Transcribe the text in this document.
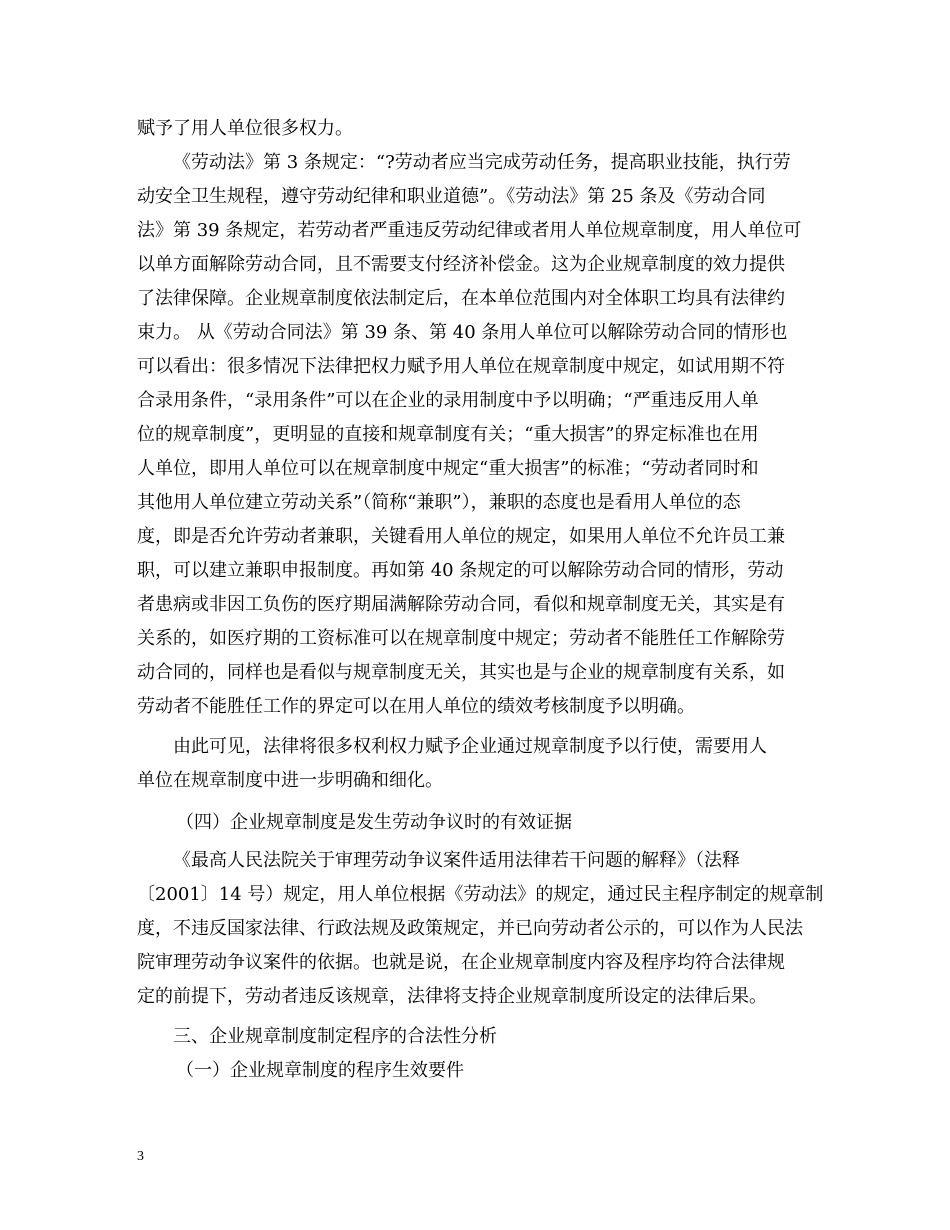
赋予了用人单位很多权力。
《劳动法》第 3 条规定：“?劳动者应当完成劳动任务，提高职业技能，执行劳
动安全卫生规程，遵守劳动纪律和职业道德”。《劳动法》第 25 条及《劳动合同
法》第 39 条规定，若劳动者严重违反劳动纪律或者用人单位规章制度，用人单位可
以单方面解除劳动合同，且不需要支付经济补偿金。这为企业规章制度的效力提供
了法律保障。企业规章制度依法制定后，在本单位范围内对全体职工均具有法律约
束力。 从《劳动合同法》第 39 条、第 40 条用人单位可以解除劳动合同的情形也
可以看出：很多情况下法律把权力赋予用人单位在规章制度中规定，如试用期不符
合录用条件，“录用条件”可以在企业的录用制度中予以明确；“严重违反用人单
位的规章制度”，更明显的直接和规章制度有关；“重大损害”的界定标准也在用
人单位，即用人单位可以在规章制度中规定“重大损害”的标准；“劳动者同时和
其他用人单位建立劳动关系”（简称“兼职”），兼职的态度也是看用人单位的态
度，即是否允许劳动者兼职，关键看用人单位的规定，如果用人单位不允许员工兼
职，可以建立兼职申报制度。再如第 40 条规定的可以解除劳动合同的情形，劳动
者患病或非因工负伤的医疗期届满解除劳动合同，看似和规章制度无关，其实是有
关系的，如医疗期的工资标准可以在规章制度中规定；劳动者不能胜任工作解除劳
动合同的，同样也是看似与规章制度无关，其实也是与企业的规章制度有关系，如
劳动者不能胜任工作的界定可以在用人单位的绩效考核制度予以明确。
由此可见，法律将很多权利权力赋予企业通过规章制度予以行使，需要用人
单位在规章制度中进一步明确和细化。
（四）企业规章制度是发生劳动争议时的有效证据
《最高人民法院关于审理劳动争议案件适用法律若干问题的解释》（法释
〔2001〕14 号）规定，用人单位根据《劳动法》的规定，通过民主程序制定的规章制
度，不违反国家法律、行政法规及政策规定，并已向劳动者公示的，可以作为人民法
院审理劳动争议案件的依据。也就是说，在企业规章制度内容及程序均符合法律规
定的前提下，劳动者违反该规章，法律将支持企业规章制度所设定的法律后果。
三、企业规章制度制定程序的合法性分析
（一）企业规章制度的程序生效要件
3
